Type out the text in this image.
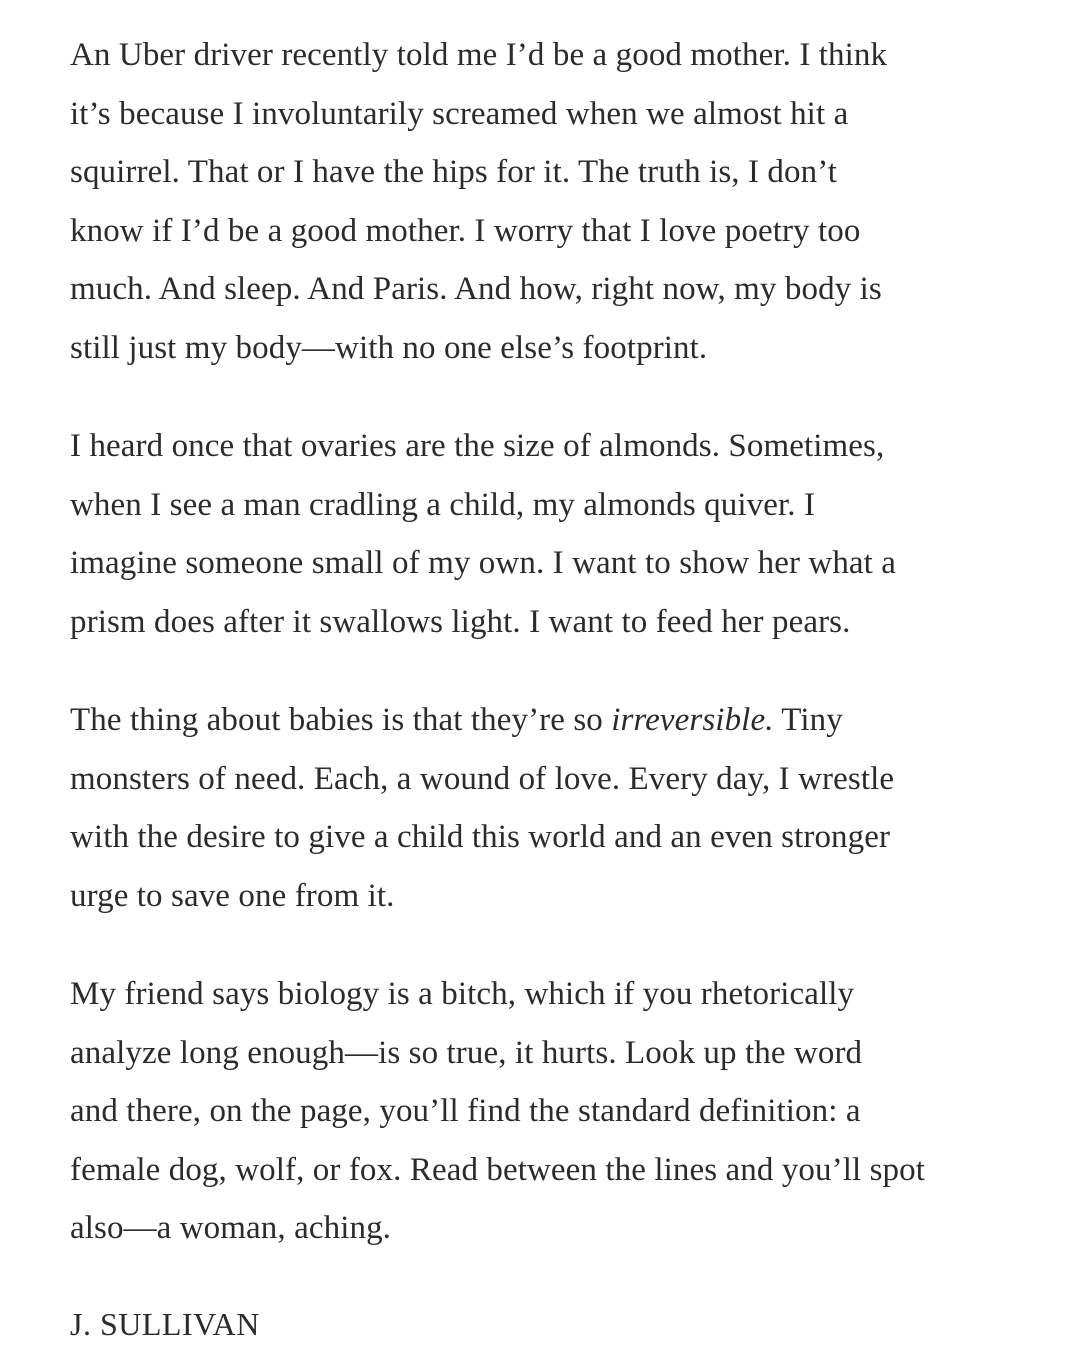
An Uber driver recently told me I’d be a good mother. I think
it’s because I involuntarily screamed when we almost hit a
squirrel. That or I have the hips for it. The truth is, I don’t
know if I’d be a good mother. I worry that I love poetry too
much. And sleep. And Paris. And how, right now, my body is
still just my body—with no one else’s footprint.

I heard once that ovaries are the size of almonds. Sometimes,
when I see a man cradling a child, my almonds quiver. I
imagine someone small of my own. I want to show her what a
prism does after it swallows light. I want to feed her pears.

The thing about babies is that they’re so irreversible. Tiny
monsters of need. Each, a wound of love. Every day, I wrestle
with the desire to give a child this world and an even stronger
urge to save one from it.

My friend says biology is a bitch, which if you rhetorically
analyze long enough—is so true, it hurts. Look up the word
and there, on the page, you’ll find the standard definition: a
female dog, wolf, or fox. Read between the lines and you’ll spot
also—a woman, aching.

J. SULLIVAN
